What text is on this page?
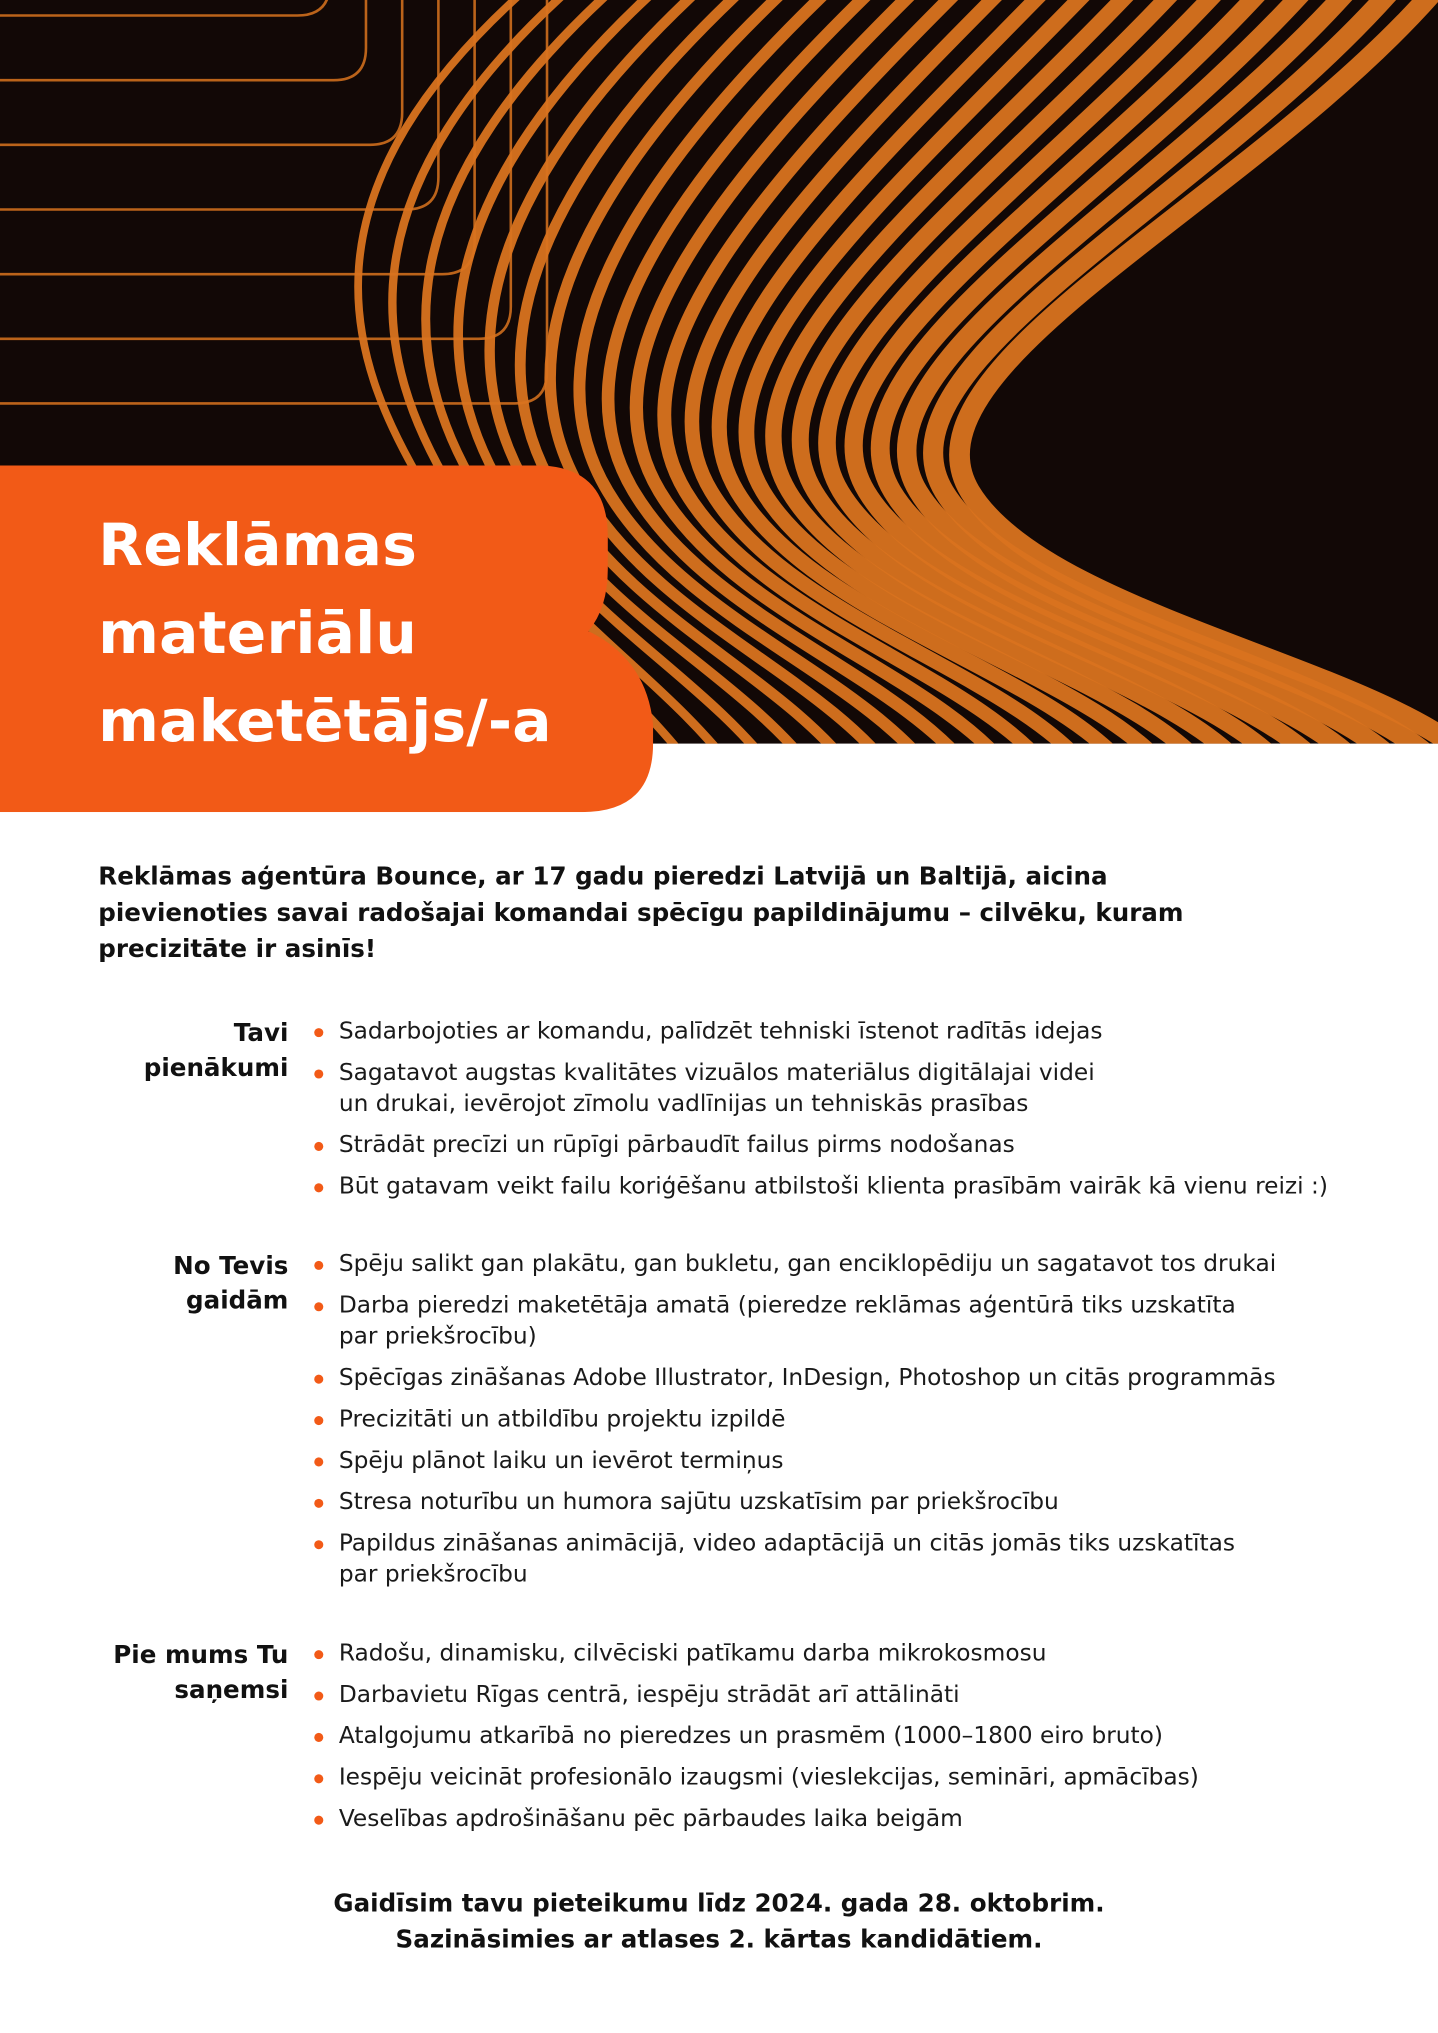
Reklāmas
materiālu
maketētājs/-a

Reklāmas aģentūra Bounce, ar 17 gadu pieredzi Latvijā un Baltijā, aicina pievienoties savai radošajai komandai spēcīgu papildinājumu – cilvēku, kuram precizitāte ir asinīs!

Tavi
pienākumi
Sadarbojoties ar komandu, palīdzēt tehniski īstenot radītās idejas
Sagatavot augstas kvalitātes vizuālos materiālus digitālajai videi
un drukai, ievērojot zīmolu vadlīnijas un tehniskās prasības
Strādāt precīzi un rūpīgi pārbaudīt failus pirms nodošanas
Būt gatavam veikt failu koriģēšanu atbilstoši klienta prasībām vairāk kā vienu reizi :)
No Tevis
gaidām
Spēju salikt gan plakātu, gan bukletu, gan enciklopēdiju un sagatavot tos drukai
Darba pieredzi maketētāja amatā (pieredze reklāmas aģentūrā tiks uzskatīta
par priekšrocību)
Spēcīgas zināšanas Adobe Illustrator, InDesign, Photoshop un citās programmās
Precizitāti un atbildību projektu izpildē
Spēju plānot laiku un ievērot termiņus
Stresa noturību un humora sajūtu uzskatīsim par priekšrocību
Papildus zināšanas animācijā, video adaptācijā un citās jomās tiks uzskatītas
par priekšrocību
Pie mums Tu
saņemsi
Radošu, dinamisku, cilvēciski patīkamu darba mikrokosmosu
Darbavietu Rīgas centrā, iespēju strādāt arī attālināti
Atalgojumu atkarībā no pieredzes un prasmēm (1000–1800 eiro bruto)
Iespēju veicināt profesionālo izaugsmi (vieslekcijas, semināri, apmācības)
Veselības apdrošināšanu pēc pārbaudes laika beigām

Gaidīsim tavu pieteikumu līdz 2024. gada 28. oktobrim.
Sazināsimies ar atlases 2. kārtas kandidātiem.
